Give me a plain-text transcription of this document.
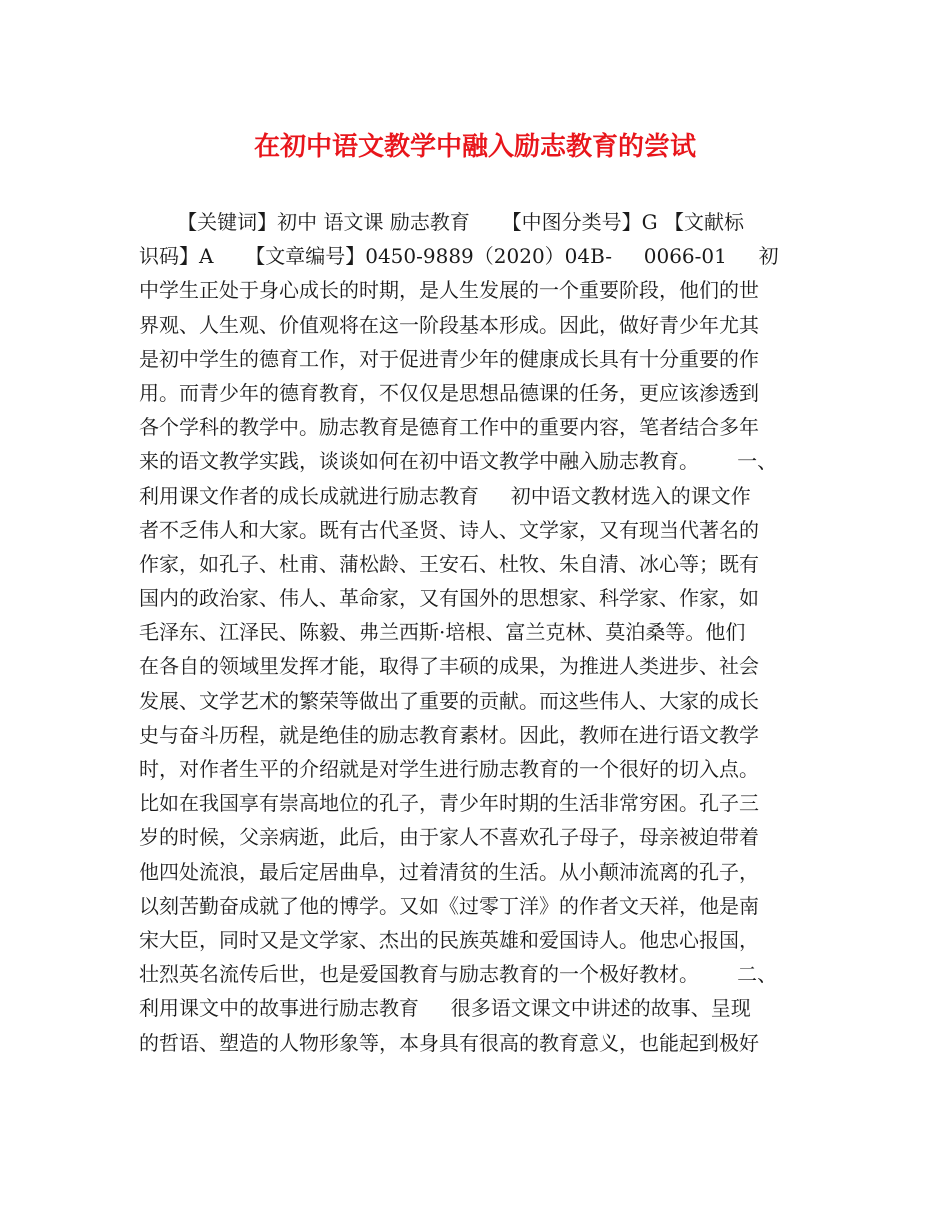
在初中语文教学中融入励志教育的尝试
【关键词】初中 语文课 励志教育     【中图分类号】G 【文献标
识码】A     【文章编号】0450-9889（2020）04B-     0066-01     初
中学生正处于身心成长的时期，是人生发展的一个重要阶段，他们的世
界观、人生观、价值观将在这一阶段基本形成。因此，做好青少年尤其
是初中学生的德育工作，对于促进青少年的健康成长具有十分重要的作
用。而青少年的德育教育，不仅仅是思想品德课的任务，更应该渗透到
各个学科的教学中。励志教育是德育工作中的重要内容，笔者结合多年
来的语文教学实践，谈谈如何在初中语文教学中融入励志教育。      一、
利用课文作者的成长成就进行励志教育     初中语文教材选入的课文作
者不乏伟人和大家。既有古代圣贤、诗人、文学家，又有现当代著名的
作家，如孔子、杜甫、蒲松龄、王安石、杜牧、朱自清、冰心等；既有
国内的政治家、伟人、革命家，又有国外的思想家、科学家、作家，如
毛泽东、江泽民、陈毅、弗兰西斯·培根、富兰克林、莫泊桑等。他们
在各自的领域里发挥才能，取得了丰硕的成果，为推进人类进步、社会
发展、文学艺术的繁荣等做出了重要的贡献。而这些伟人、大家的成长
史与奋斗历程，就是绝佳的励志教育素材。因此，教师在进行语文教学
时，对作者生平的介绍就是对学生进行励志教育的一个很好的切入点。
比如在我国享有崇高地位的孔子，青少年时期的生活非常穷困。孔子三
岁的时候，父亲病逝，此后，由于家人不喜欢孔子母子，母亲被迫带着
他四处流浪，最后定居曲阜，过着清贫的生活。从小颠沛流离的孔子，
以刻苦勤奋成就了他的博学。又如《过零丁洋》的作者文天祥，他是南
宋大臣，同时又是文学家、杰出的民族英雄和爱国诗人。他忠心报国，
壮烈英名流传后世，也是爱国教育与励志教育的一个极好教材。      二、
利用课文中的故事进行励志教育     很多语文课文中讲述的故事、呈现
的哲语、塑造的人物形象等，本身具有很高的教育意义，也能起到极好
